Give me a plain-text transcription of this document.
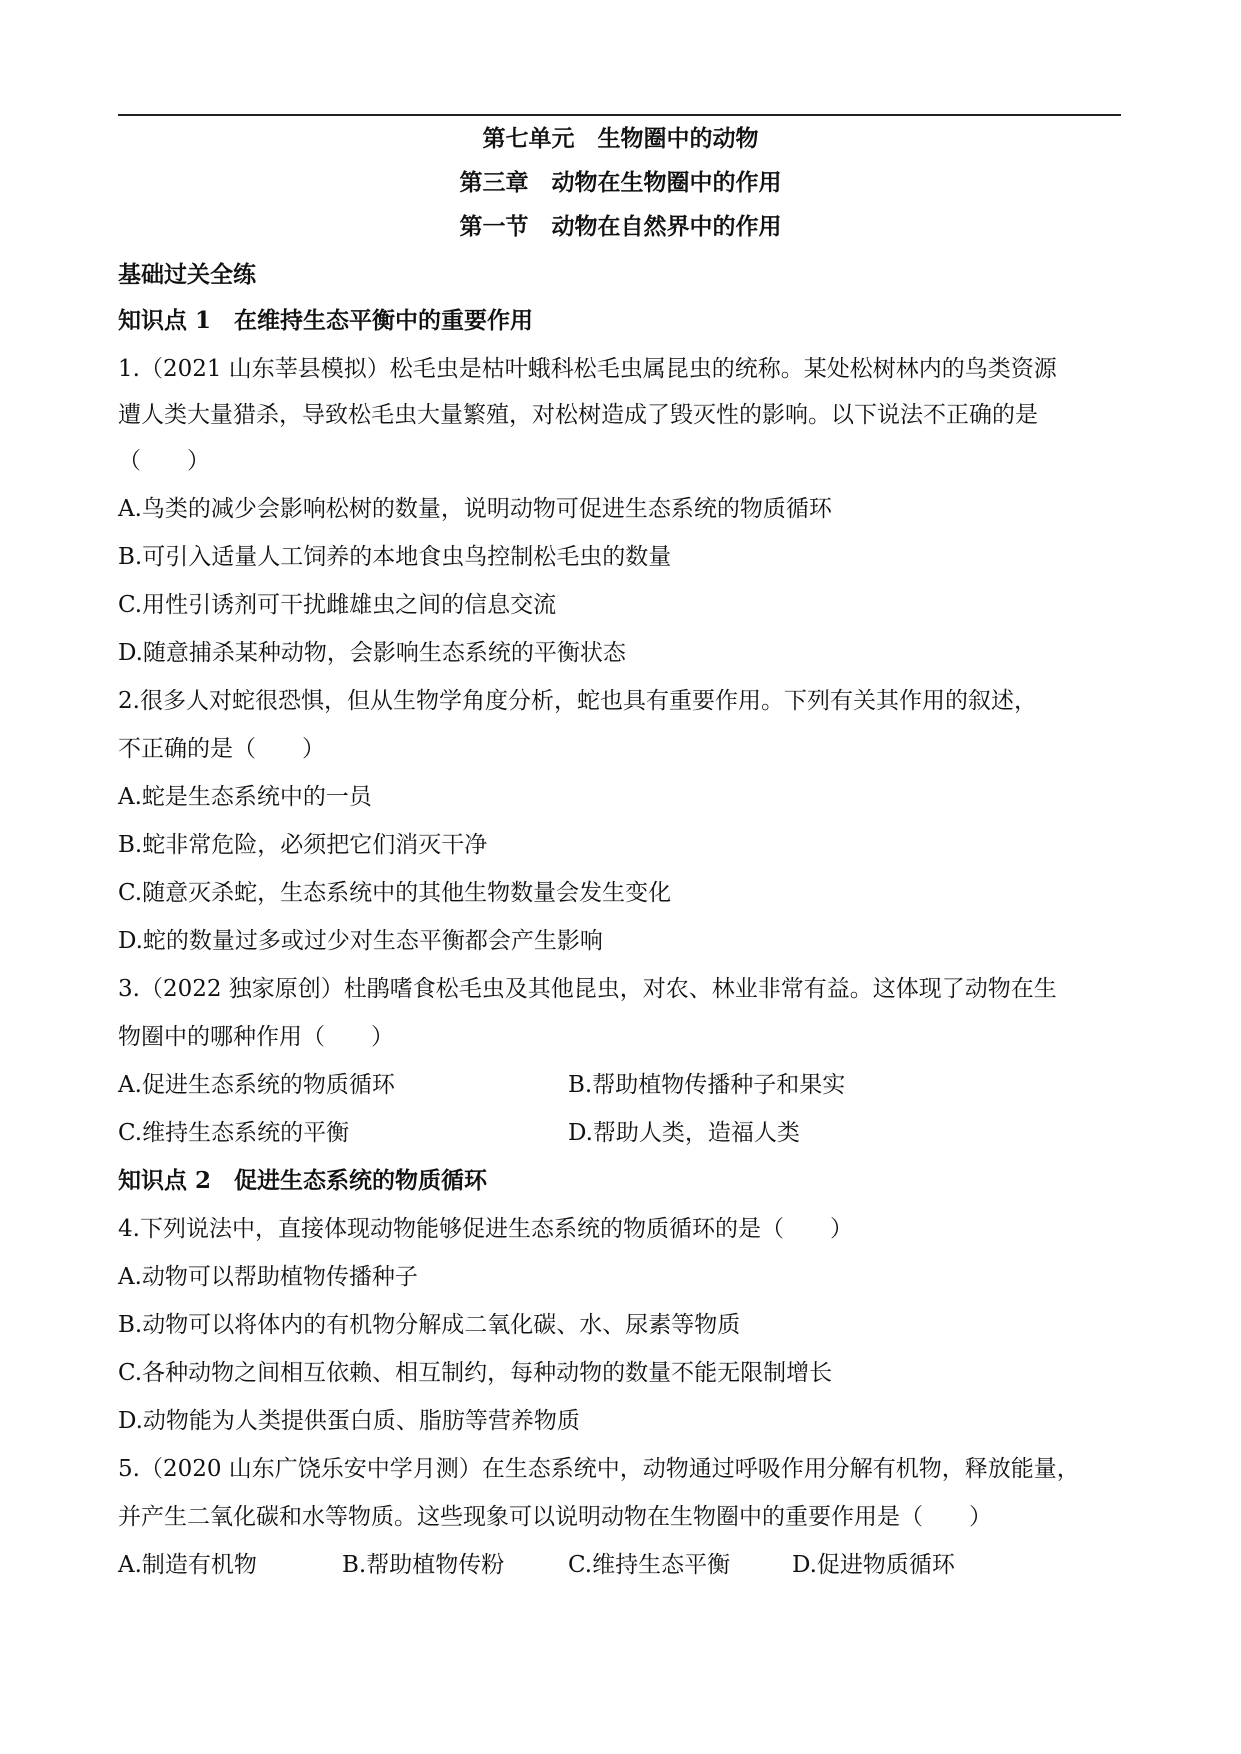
第七单元　生物圈中的动物
第三章　动物在生物圈中的作用
第一节　动物在自然界中的作用
基础过关全练
知识点 1　在维持生态平衡中的重要作用
1.（2021 山东莘县模拟）松毛虫是枯叶蛾科松毛虫属昆虫的统称。某处松树林内的鸟类资源
遭人类大量猎杀，导致松毛虫大量繁殖，对松树造成了毁灭性的影响。以下说法不正确的是
（　　）
A.鸟类的减少会影响松树的数量，说明动物可促进生态系统的物质循环
B.可引入适量人工饲养的本地食虫鸟控制松毛虫的数量
C.用性引诱剂可干扰雌雄虫之间的信息交流
D.随意捕杀某种动物，会影响生态系统的平衡状态
2.很多人对蛇很恐惧，但从生物学角度分析，蛇也具有重要作用。下列有关其作用的叙述，
不正确的是（　　）
A.蛇是生态系统中的一员
B.蛇非常危险，必须把它们消灭干净
C.随意灭杀蛇，生态系统中的其他生物数量会发生变化
D.蛇的数量过多或过少对生态平衡都会产生影响
3.（2022 独家原创）杜鹃嗜食松毛虫及其他昆虫，对农、林业非常有益。这体现了动物在生
物圈中的哪种作用（　　）
A.促进生态系统的物质循环	B.帮助植物传播种子和果实
C.维持生态系统的平衡	D.帮助人类，造福人类
知识点 2　促进生态系统的物质循环
4.下列说法中，直接体现动物能够促进生态系统的物质循环的是（　　）
A.动物可以帮助植物传播种子
B.动物可以将体内的有机物分解成二氧化碳、水、尿素等物质
C.各种动物之间相互依赖、相互制约，每种动物的数量不能无限制增长
D.动物能为人类提供蛋白质、脂肪等营养物质
5.（2020 山东广饶乐安中学月测）在生态系统中，动物通过呼吸作用分解有机物，释放能量，
并产生二氧化碳和水等物质。这些现象可以说明动物在生物圈中的重要作用是（　　）
A.制造有机物	B.帮助植物传粉	C.维持生态平衡	D.促进物质循环
